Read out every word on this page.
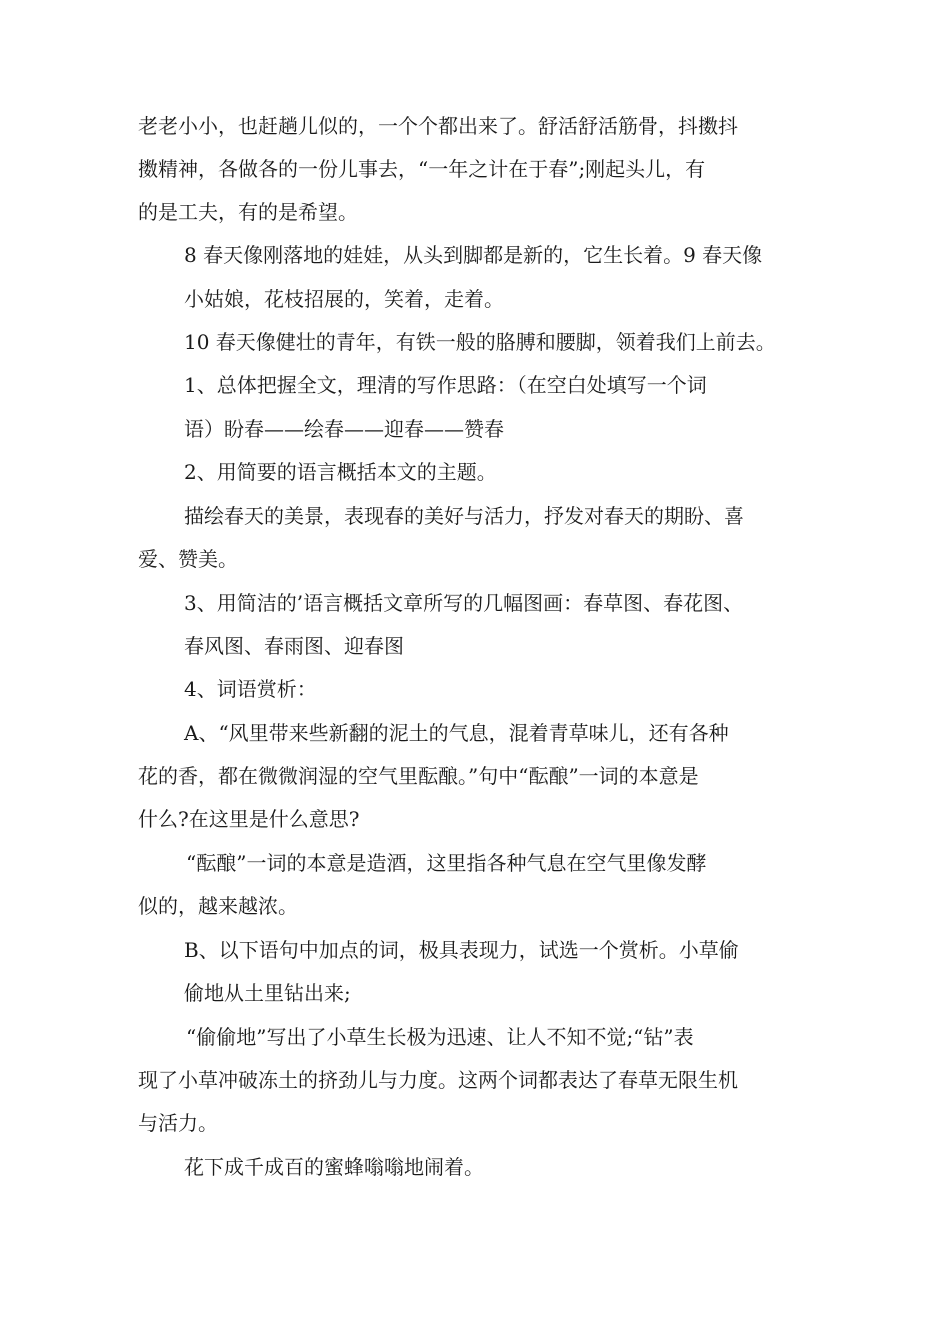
老老小小，也赶趟儿似的，一个个都出来了。舒活舒活筋骨，抖擞抖
擞精神，各做各的一份儿事去，“一年之计在于春”;刚起头儿，有
的是工夫，有的是希望。
8 春天像刚落地的娃娃，从头到脚都是新的，它生长着。9 春天像
小姑娘，花枝招展的，笑着，走着。
10 春天像健壮的青年，有铁一般的胳膊和腰脚，领着我们上前去。
1、总体把握全文，理清的写作思路：（在空白处填写一个词
语）盼春——绘春——迎春——赞春
2、用简要的语言概括本文的主题。
描绘春天的美景，表现春的美好与活力，抒发对春天的期盼、喜
爱、赞美。
3、用简洁的’语言概括文章所写的几幅图画：春草图、春花图、
春风图、春雨图、迎春图
4、词语赏析：
A、“风里带来些新翻的泥土的气息，混着青草味儿，还有各种
花的香，都在微微润湿的空气里酝酿。”句中“酝酿”一词的本意是
什么?在这里是什么意思?
“酝酿”一词的本意是造酒，这里指各种气息在空气里像发酵
似的，越来越浓。
B、以下语句中加点的词，极具表现力，试选一个赏析。小草偷
偷地从土里钻出来;
“偷偷地”写出了小草生长极为迅速、让人不知不觉;“钻”表
现了小草冲破冻土的挤劲儿与力度。这两个词都表达了春草无限生机
与活力。
花下成千成百的蜜蜂嗡嗡地闹着。
